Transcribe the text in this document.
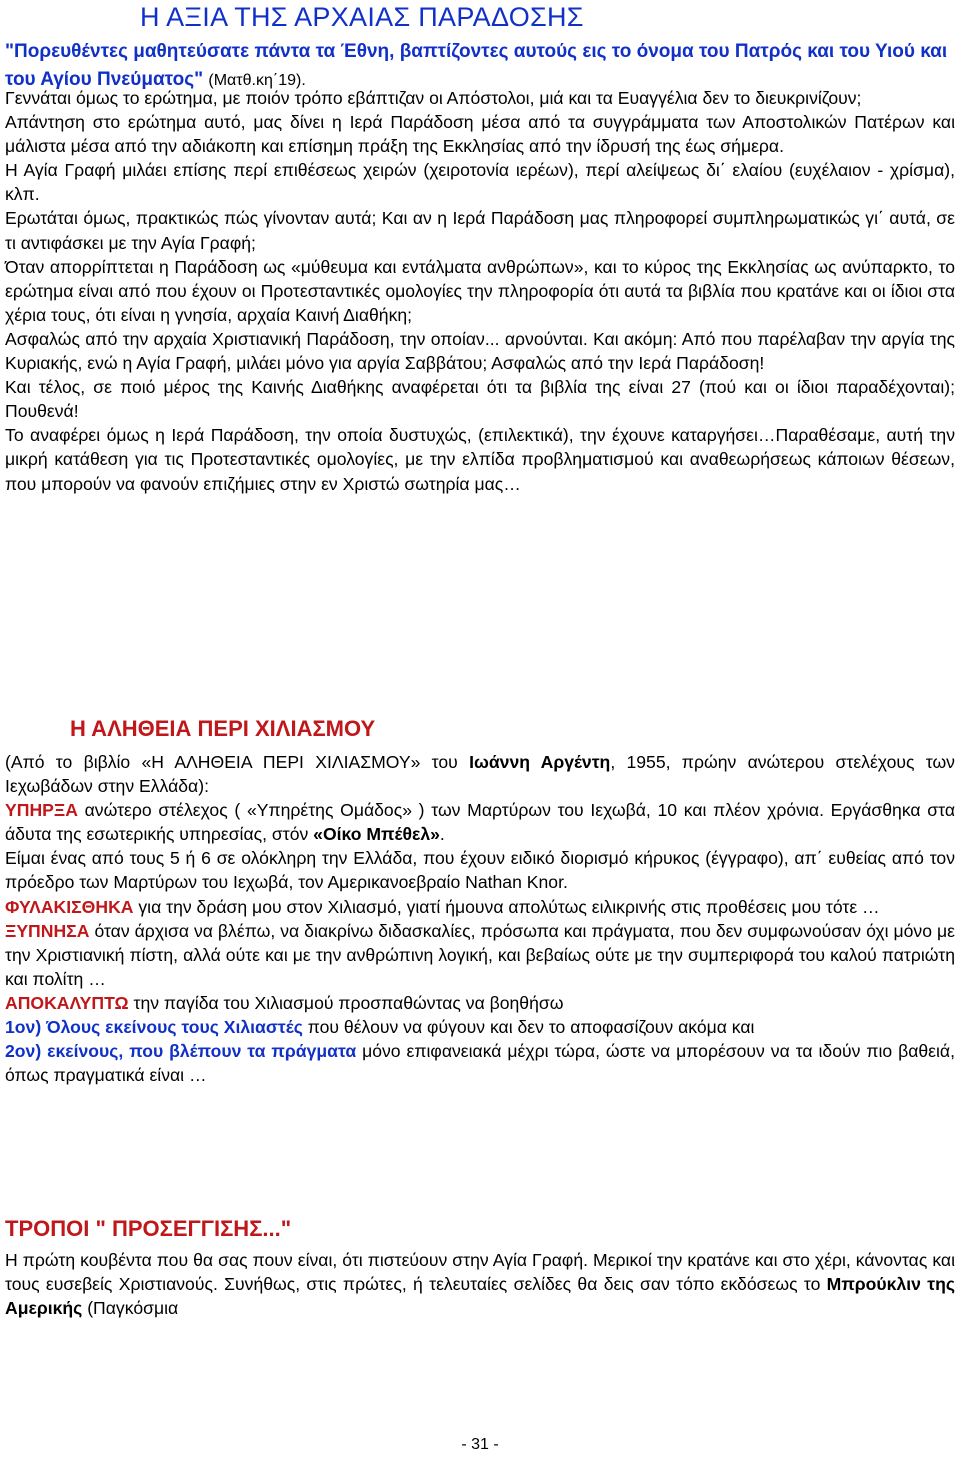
Η ΑΞΙΑ ΤΗΣ ΑΡΧΑΙΑΣ ΠΑΡΑΔΟΣΗΣ
"Πορευθέντες μαθητεύσατε πάντα τα Έθνη, βαπτίζοντες αυτούς εις το όνομα του Πατρός και του Υιού και του Αγίου Πνεύματος" (Ματθ.κη΄19).

Γεννάται όμως το ερώτημα, με ποιόν τρόπο εβάπτιζαν οι Απόστολοι, μιά και τα Ευαγγέλια δεν το διευκρινίζουν;

Απάντηση στο ερώτημα αυτό, μας δίνει η Ιερά Παράδοση μέσα από τα συγγράμματα των Αποστολικών Πατέρων και μάλιστα μέσα από την αδιάκοπη και επίσημη πράξη της Εκκλησίας από την ίδρυσή της έως σήμερα.

Η Αγία Γραφή μιλάει επίσης περί επιθέσεως χειρών (χειροτονία ιερέων), περί αλείψεως δι΄ ελαίου (ευχέλαιον - χρίσμα), κλπ.

Ερωτάται όμως, πρακτικώς πώς γίνονταν αυτά; Και αν η Ιερά Παράδοση μας πληροφορεί συμπληρωματικώς γι΄ αυτά, σε τι αντιφάσκει με την Αγία Γραφή;

Όταν απορρίπτεται η Παράδοση ως «μύθευμα και εντάλματα ανθρώπων», και το κύρος της Εκκλησίας ως ανύπαρκτο, το ερώτημα είναι από που έχουν οι Προτεσταντικές ομολογίες την πληροφορία ότι αυτά τα βιβλία που κρατάνε και οι ίδιοι στα χέρια τους, ότι είναι η γνησία, αρχαία Καινή Διαθήκη;

Ασφαλώς από την αρχαία Χριστιανική Παράδοση, την οποίαν... αρνούνται. Και ακόμη: Από που παρέλαβαν την αργία της Κυριακής, ενώ η Αγία Γραφή, μιλάει μόνο για αργία Σαββάτου; Ασφαλώς από την Ιερά Παράδοση!

Και τέλος, σε ποιό μέρος της Καινής Διαθήκης αναφέρεται ότι τα βιβλία της είναι 27 (πού και οι ίδιοι παραδέχονται); Πουθενά!

Το αναφέρει όμως η Ιερά Παράδοση, την οποία δυστυχώς, (επιλεκτικά), την έχουνε καταργήσει…Παραθέσαμε, αυτή την μικρή κατάθεση για τις Προτεσταντικές ομολογίες, με την ελπίδα προβληματισμού και αναθεωρήσεως κάποιων θέσεων, που μπορούν να φανούν επιζήμιες στην εν Χριστώ σωτηρία μας…

Η ΑΛΗΘΕΙΑ ΠΕΡΙ ΧΙΛΙΑΣΜΟΥ

(Από το βιβλίο «Η ΑΛΗΘΕΙΑ ΠΕΡΙ ΧΙΛΙΑΣΜΟΥ» του Ιωάννη Αργέντη, 1955, πρώην ανώτερου στελέχους των Ιεχωβάδων στην Ελλάδα):

ΥΠΗΡΞΑ ανώτερο στέλεχος ( «Υπηρέτης Ομάδος» ) των Μαρτύρων του Ιεχωβά, 10 και πλέον χρόνια. Εργάσθηκα στα άδυτα της εσωτερικής υπηρεσίας, στόν «Οίκο Μπέθελ».

Είμαι ένας από τους 5 ή 6 σε ολόκληρη την Ελλάδα, που έχουν ειδικό διορισμό κήρυκος (έγγραφο), απ΄ ευθείας από τον πρόεδρο των Μαρτύρων του Ιεχωβά, τον Αμερικανοεβραίο Nathan Knor.

ΦΥΛΑΚΙΣΘΗΚΑ για την δράση μου στον Χιλιασμό, γιατί ήμουνα απολύτως ειλικρινής στις προθέσεις μου τότε …

ΞΥΠΝΗΣΑ όταν άρχισα να βλέπω, να διακρίνω διδασκαλίες, πρόσωπα και πράγματα, που δεν συμφωνούσαν όχι μόνο με την Χριστιανική πίστη, αλλά ούτε και με την ανθρώπινη λογική, και βεβαίως ούτε με την συμπεριφορά του καλού πατριώτη και πολίτη …

ΑΠΟΚΑΛΥΠΤΩ την παγίδα του Χιλιασμού προσπαθώντας να βοηθήσω

1ον) Όλους εκείνους τους Χιλιαστές που θέλουν να φύγουν και δεν το αποφασίζουν ακόμα και

2ον) εκείνους, που βλέπουν τα πράγματα μόνο επιφανειακά μέχρι τώρα, ώστε να μπορέσουν να τα ιδούν πιο βαθειά, όπως πραγματικά είναι …

ΤΡΟΠΟΙ " ΠΡΟΣΕΓΓΙΣΗΣ..."

Η πρώτη κουβέντα που θα σας πουν είναι, ότι πιστεύουν στην Αγία Γραφή. Μερικοί την κρατάνε και στο χέρι, κάνοντας και τους ευσεβείς Χριστιανούς. Συνήθως, στις πρώτες, ή τελευταίες σελίδες θα δεις σαν τόπο εκδόσεως το Μπρούκλιν της Αμερικής (Παγκόσμια

- 31 -
